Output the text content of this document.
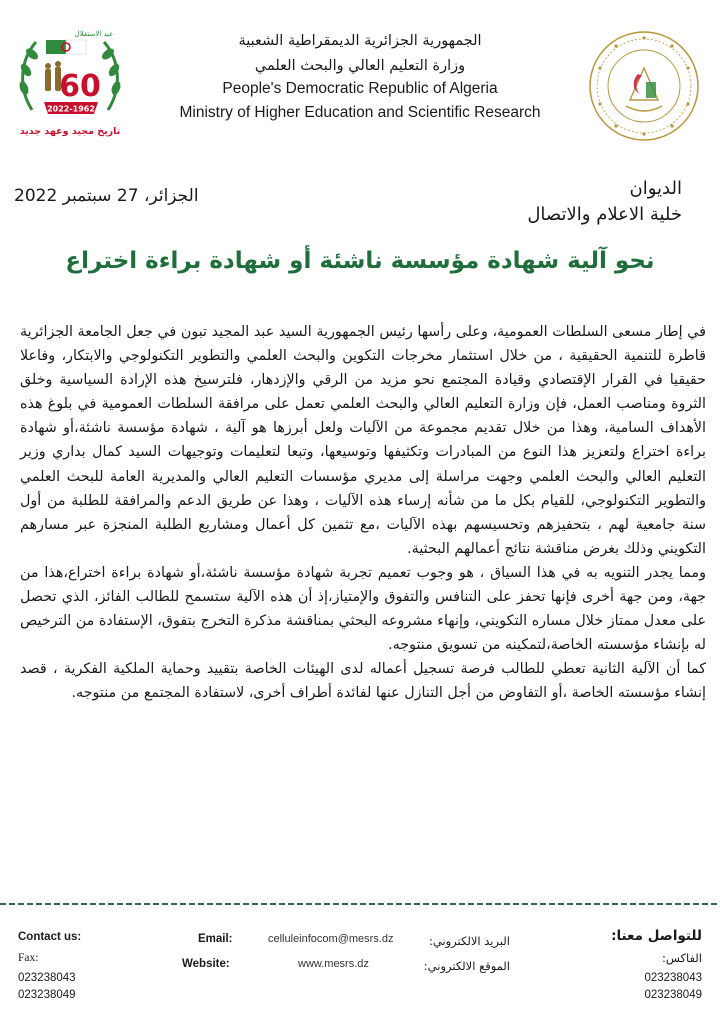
عيد الاستقلال
60
2022-1962
تاريخ مجيد وعهد جديد
الجمهورية الجزائرية الديمقراطية الشعبية
وزارة التعليم العالي والبحث العلمي
People's Democratic Republic of Algeria
Ministry of Higher Education and Scientific Research
الديوان
خلية الاعلام والاتصال
الجزائر، 27 سبتمبر 2022
نحو آلية شهادة مؤسسة ناشئة أو شهادة براءة اختراع

في إطار مسعى السلطات العمومية، وعلى رأسها رئيس الجمهورية السيد عبد المجيد تبون في جعل الجامعة الجزائرية قاطرة للتنمية الحقيقية ، من خلال استثمار مخرجات التكوين والبحث العلمي والتطوير التكنولوجي والابتكار، وفاعلا حقيقيا في القرار الإقتصادي وقيادة المجتمع نحو مزيد من الرقي والإزدهار، فلترسيخ هذه الإرادة السياسية وخلق الثروة ومناصب العمل، فإن وزارة التعليم العالي والبحث العلمي تعمل على مرافقة السلطات العمومية في بلوغ هذه الأهداف السامية، وهذا من خلال تقديم مجموعة من الآليات ولعل أبرزها هو آلية ، شهادة مؤسسة ناشئة،أو شهادة براءة اختراع ولتعزيز هذا النوع من المبادرات وتكثيفها وتوسيعها، وتبعا لتعليمات وتوجيهات السيد كمال بداري وزير التعليم العالي والبحث العلمي وجهت مراسلة إلى مديري مؤسسات التعليم العالي والمديرية العامة للبحث العلمي والتطوير التكنولوجي، للقيام بكل ما من شأنه إرساء هذه الآليات ، وهذا عن طريق الدعم والمرافقة للطلبة من أول سنة جامعية لهم ، بتحفيزهم وتحسيسهم بهذه الآليات ،مع تثمين كل أعمال ومشاريع الطلبة المنجزة عبر مسارهم التكويني وذلك بغرض مناقشة نتائج أعمالهم البحثية.

ومما يجدر التنويه به في هذا السياق ، هو وجوب تعميم تجربة شهادة مؤسسة ناشئة،أو شهادة براءة اختراع،هذا من جهة، ومن جهة أخرى فإنها تحفز على التنافس والتفوق والإمتياز،إذ أن هذه الآلية ستسمح للطالب الفائز، الذي تحصل على معدل ممتاز خلال مساره التكويني، وإنهاء مشروعه البحثي بمناقشة مذكرة التخرج بتفوق، الإستفادة من الترخيص له بإنشاء مؤسسته الخاصة،لتمكينه من تسويق منتوجه.

كما أن الآلية الثانية تعطي للطالب فرصة تسجيل أعماله لدى الهيئات الخاصة بتقييد وحماية الملكية الفكرية ، قصد إنشاء مؤسسته الخاصة ،أو التفاوض من أجل التنازل عنها لفائدة أطراف أخرى، لاستفادة المجتمع من منتوجه.

Contact us:
Fax:
023238043
023238049
Email:
Website:
celluleinfocom@mesrs.dz
www.mesrs.dz
البريد الالكتروني:
الموقع الالكتروني:
للتواصل معنا:
الفاكس:
023238043
023238049
